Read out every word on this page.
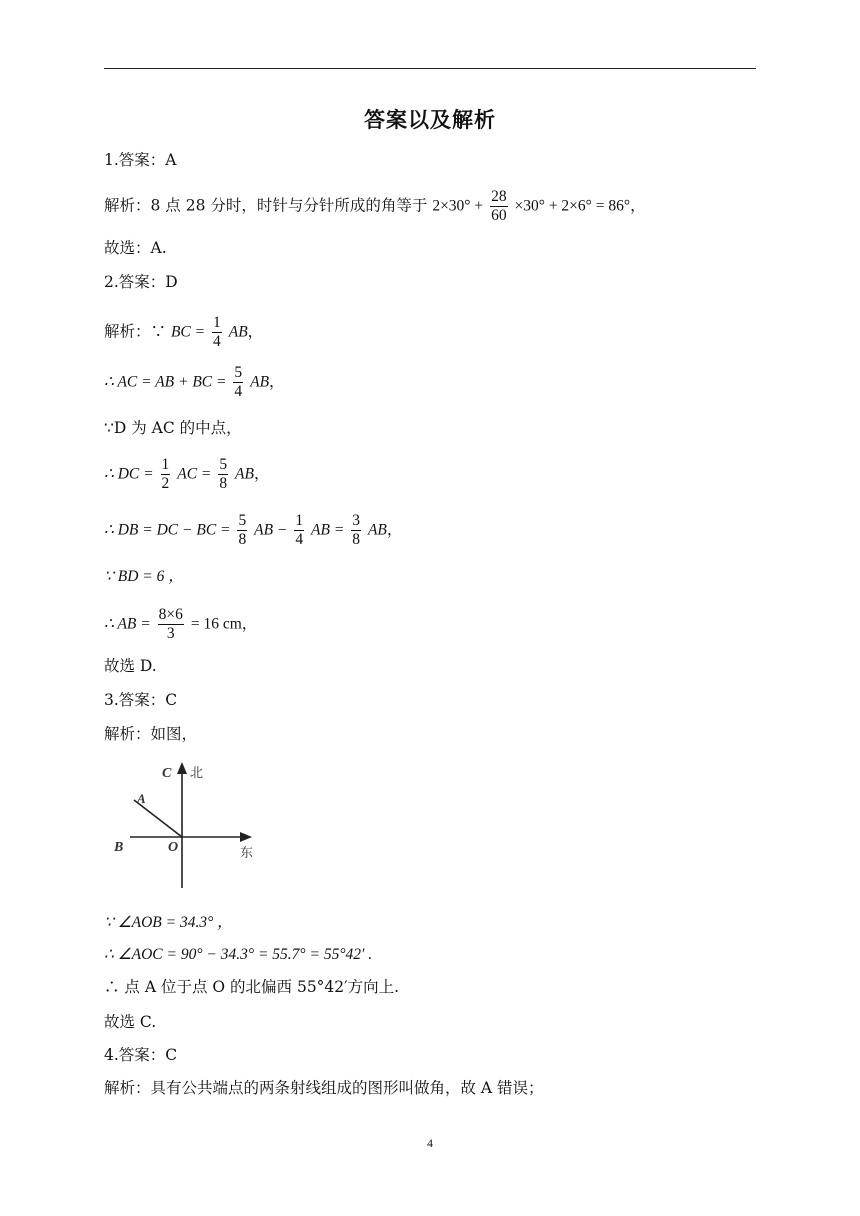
答案以及解析
1.答案：A
解析：8 点 28 分时，时针与分针所成的角等于 $2\times 30^\circ + \frac{28}{60} \times 30^\circ + 2\times 6^\circ = 86^\circ$，
故选：A.
2.答案：D
解析：∵ BC = $\frac{1}{4}$ AB，
∴ AC = AB + BC = $\frac{5}{4}$ AB，
∵D 为 AC 的中点，
∴ DC = $\frac{1}{2}$ AC = $\frac{5}{8}$ AB，
∴ DB = DC − BC = $\frac{5}{8}$ AB − $\frac{1}{4}$ AB = $\frac{3}{8}$ AB，
∵ BD = 6 ，
∴ AB = $\frac{8\times 6}{3} = 16$ cm，
故选 D.
3.答案：C
解析：如图，
C 北
A
B	O	东
∵ ∠AOB = 34.3° ，
∴ ∠AOC = 90° − 34.3° = 55.7° = 55°42′ .
∴ 点 A 位于点 O 的北偏西 55°42′方向上.
故选 C.
4.答案：C
解析：具有公共端点的两条射线组成的图形叫做角，故 A 错误；
4
